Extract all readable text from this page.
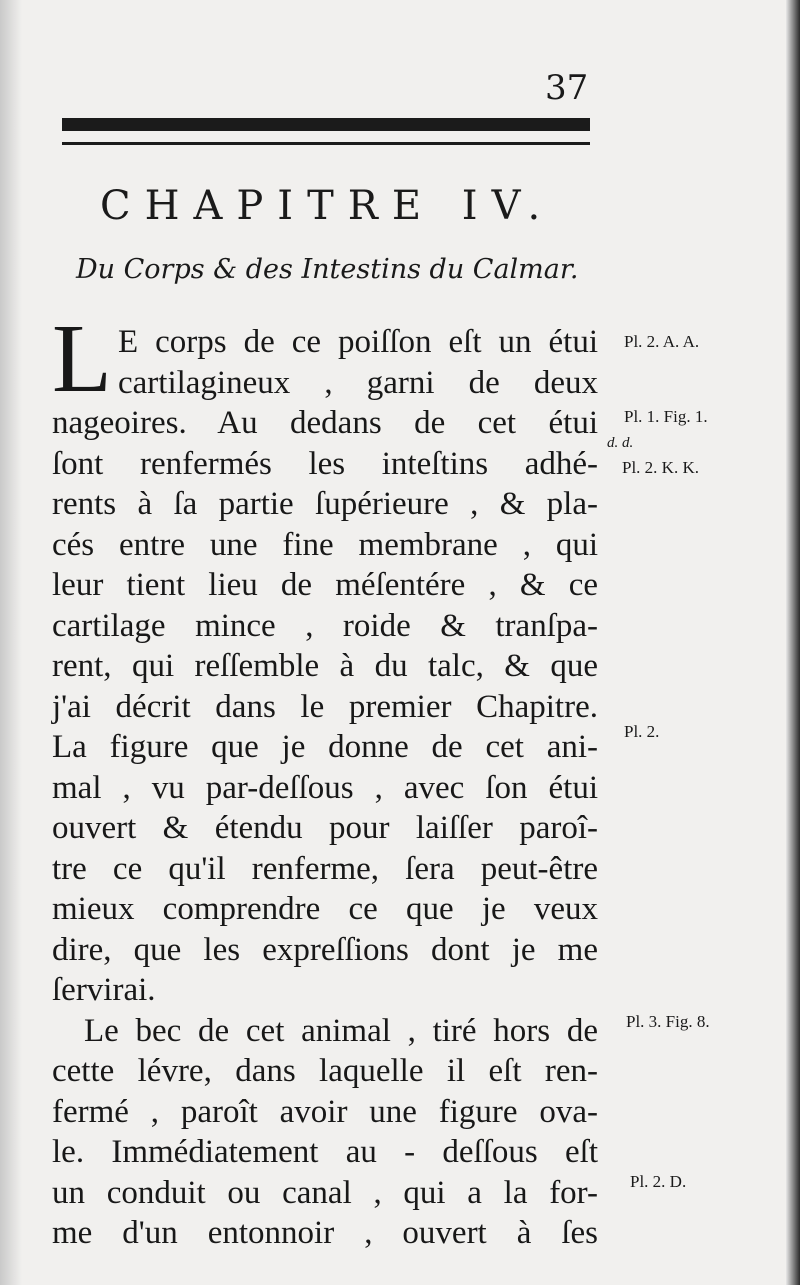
37
CHAPITRE IV.
Du Corps & des Intestins du Calmar.
L E corps de ce poiſſon eſt un étui
cartilagineux , garni de deux
nageoires. Au dedans de cet étui
ſont renfermés les inteſtins adhé-
rents à ſa partie ſupérieure , & pla-
cés entre une fine membrane , qui
leur tient lieu de méſentére , & ce
cartilage mince , roide & tranſpa-
rent, qui reſſemble à du talc, & que
j'ai décrit dans le premier Chapitre.
La figure que je donne de cet ani-
mal , vu par-deſſous , avec ſon étui
ouvert & étendu pour laiſſer paroî-
tre ce qu'il renferme, ſera peut-être
mieux comprendre ce que je veux
dire, que les expreſſions dont je me
ſervirai.
Le bec de cet animal , tiré hors de
cette lévre, dans laquelle il eſt ren-
fermé , paroît avoir une figure ova-
le. Immédiatement au - deſſous eſt
un conduit ou canal , qui a la for-
me d'un entonnoir , ouvert à ſes
Pl. 2. A. A.
Pl. 1. Fig. 1.
d. d.
Pl. 2. K. K.
Pl. 2.
Pl. 3. Fig. 8.
Pl. 2. D.
